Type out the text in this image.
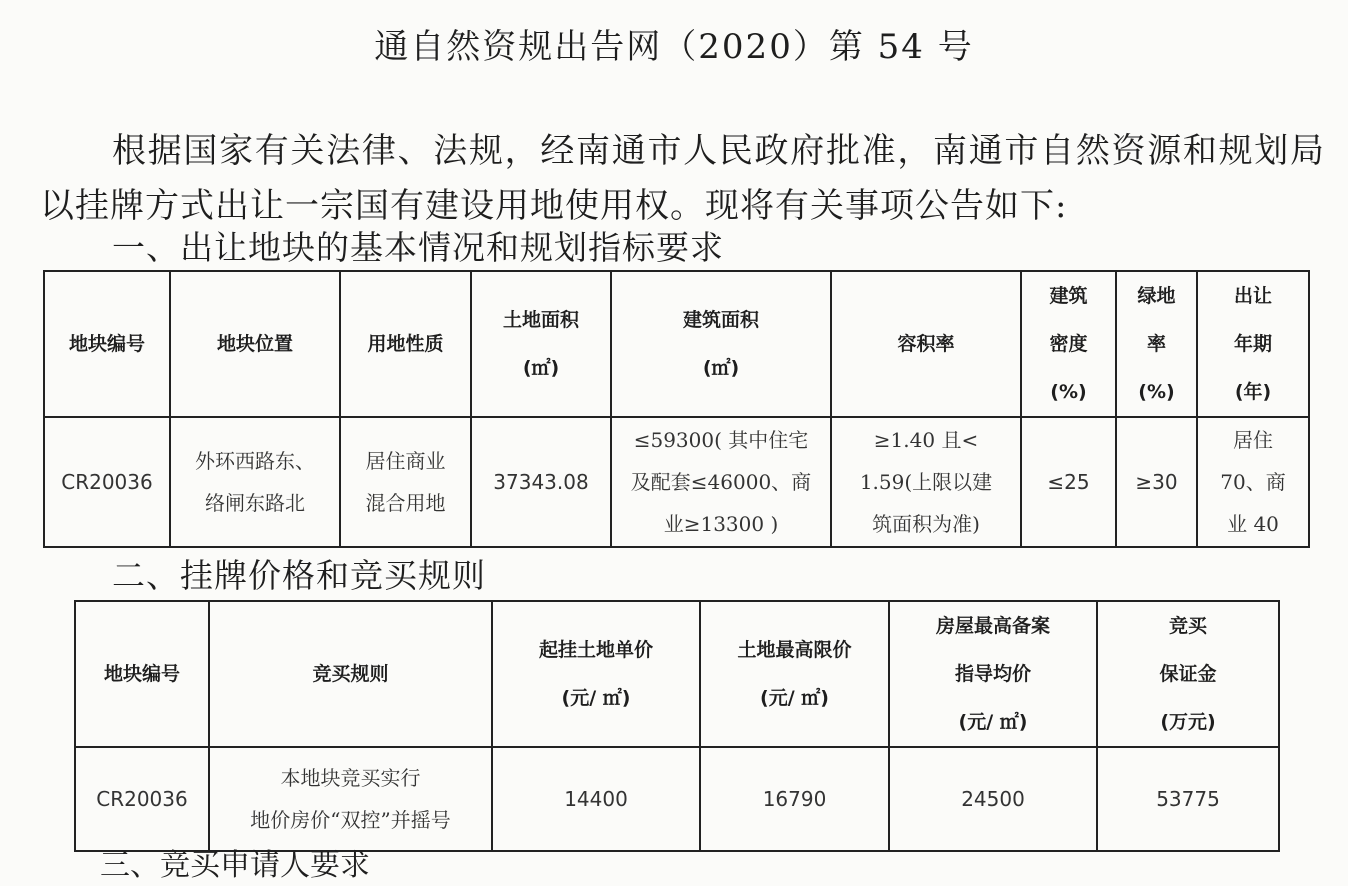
通自然资规出告网（2020）第 54 号
根据国家有关法律、法规，经南通市人民政府批准，南通市自然资源和规划局以挂牌方式出让一宗国有建设用地使用权。现将有关事项公告如下:
一、出让地块的基本情况和规划指标要求
地块编号	地块位置	用地性质	土地面积
(㎡)	建筑面积
(㎡)	容积率	建筑
密度
(%)	绿地
率
(%)	出让
年期
(年)

CR20036	外环西路东、
络闸东路北	居住商业
混合用地	37343.08	≤59300( 其中住宅
及配套≤46000、商
业≥13300 )	≥1.40 且<
1.59(上限以建
筑面积为准)	≤25	≥30	居住
70、商
业 40
二、挂牌价格和竞买规则
地块编号	竞买规则	起挂土地单价
(元/ ㎡)	土地最高限价
(元/ ㎡)	房屋最高备案
指导均价
(元/ ㎡)	竞买
保证金
(万元)

CR20036	本地块竞买实行
地价房价“双控”并摇号	14400	16790	24500	53775
三、竞买申请人要求
